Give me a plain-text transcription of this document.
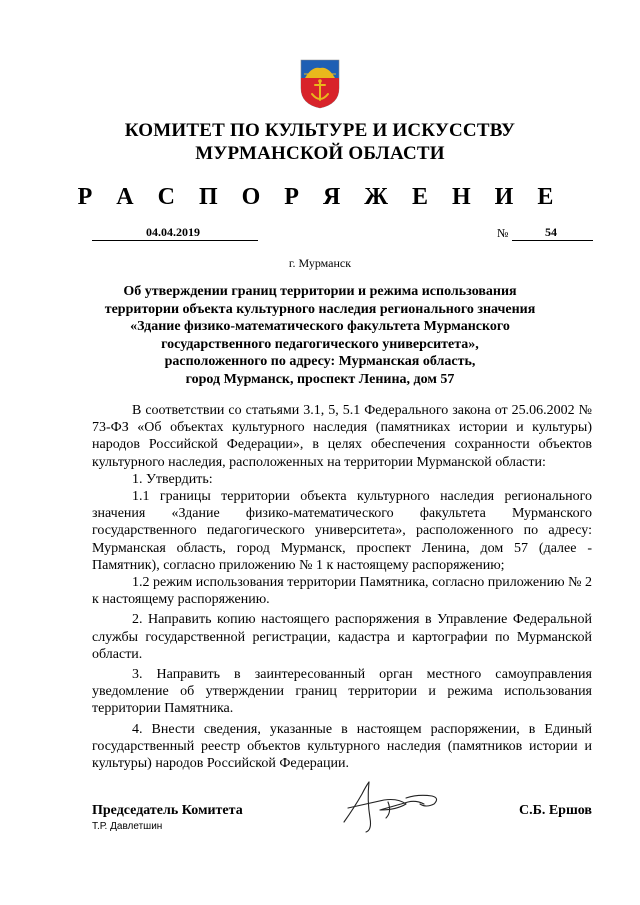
КОМИТЕТ ПО КУЛЬТУРЕ И ИСКУССТВУ
МУРМАНСКОЙ ОБЛАСТИ
Р А С П О Р Я Ж Е Н И Е
04.04.2019	№	54
г. Мурманск
Об утверждении границ территории и режима использования
территории объекта культурного наследия регионального значения
«Здание физико-математического факультета Мурманского
государственного педагогического университета»,
расположенного по адресу: Мурманская область,
город Мурманск, проспект Ленина, дом 57

В соответствии со статьями 3.1, 5, 5.1 Федерального закона от 25.06.2002 № 73-ФЗ «Об объектах культурного наследия (памятниках истории и культуры) народов Российской Федерации», в целях обеспечения сохранности объектов культурного наследия, расположенных на территории Мурманской области:

1. Утвердить:

1.1 границы территории объекта культурного наследия регионального значения «Здание физико-математического факультета Мурманского государственного педагогического университета», расположенного по адресу: Мурманская область, город Мурманск, проспект Ленина, дом 57 (далее - Памятник), согласно приложению № 1 к настоящему распоряжению;

1.2 режим использования территории Памятника, согласно приложению № 2 к настоящему распоряжению.

2. Направить копию настоящего распоряжения в Управление Федеральной службы государственной регистрации, кадастра и картографии по Мурманской области.

3. Направить в заинтересованный орган местного самоуправления уведомление об утверждении границ территории и режима использования территории Памятника.

4. Внести сведения, указанные в настоящем распоряжении, в Единый государственный реестр объектов культурного наследия (памятников истории и культуры) народов Российской Федерации.

Председатель Комитета	С.Б. Ершов
Т.Р. Давлетшин
